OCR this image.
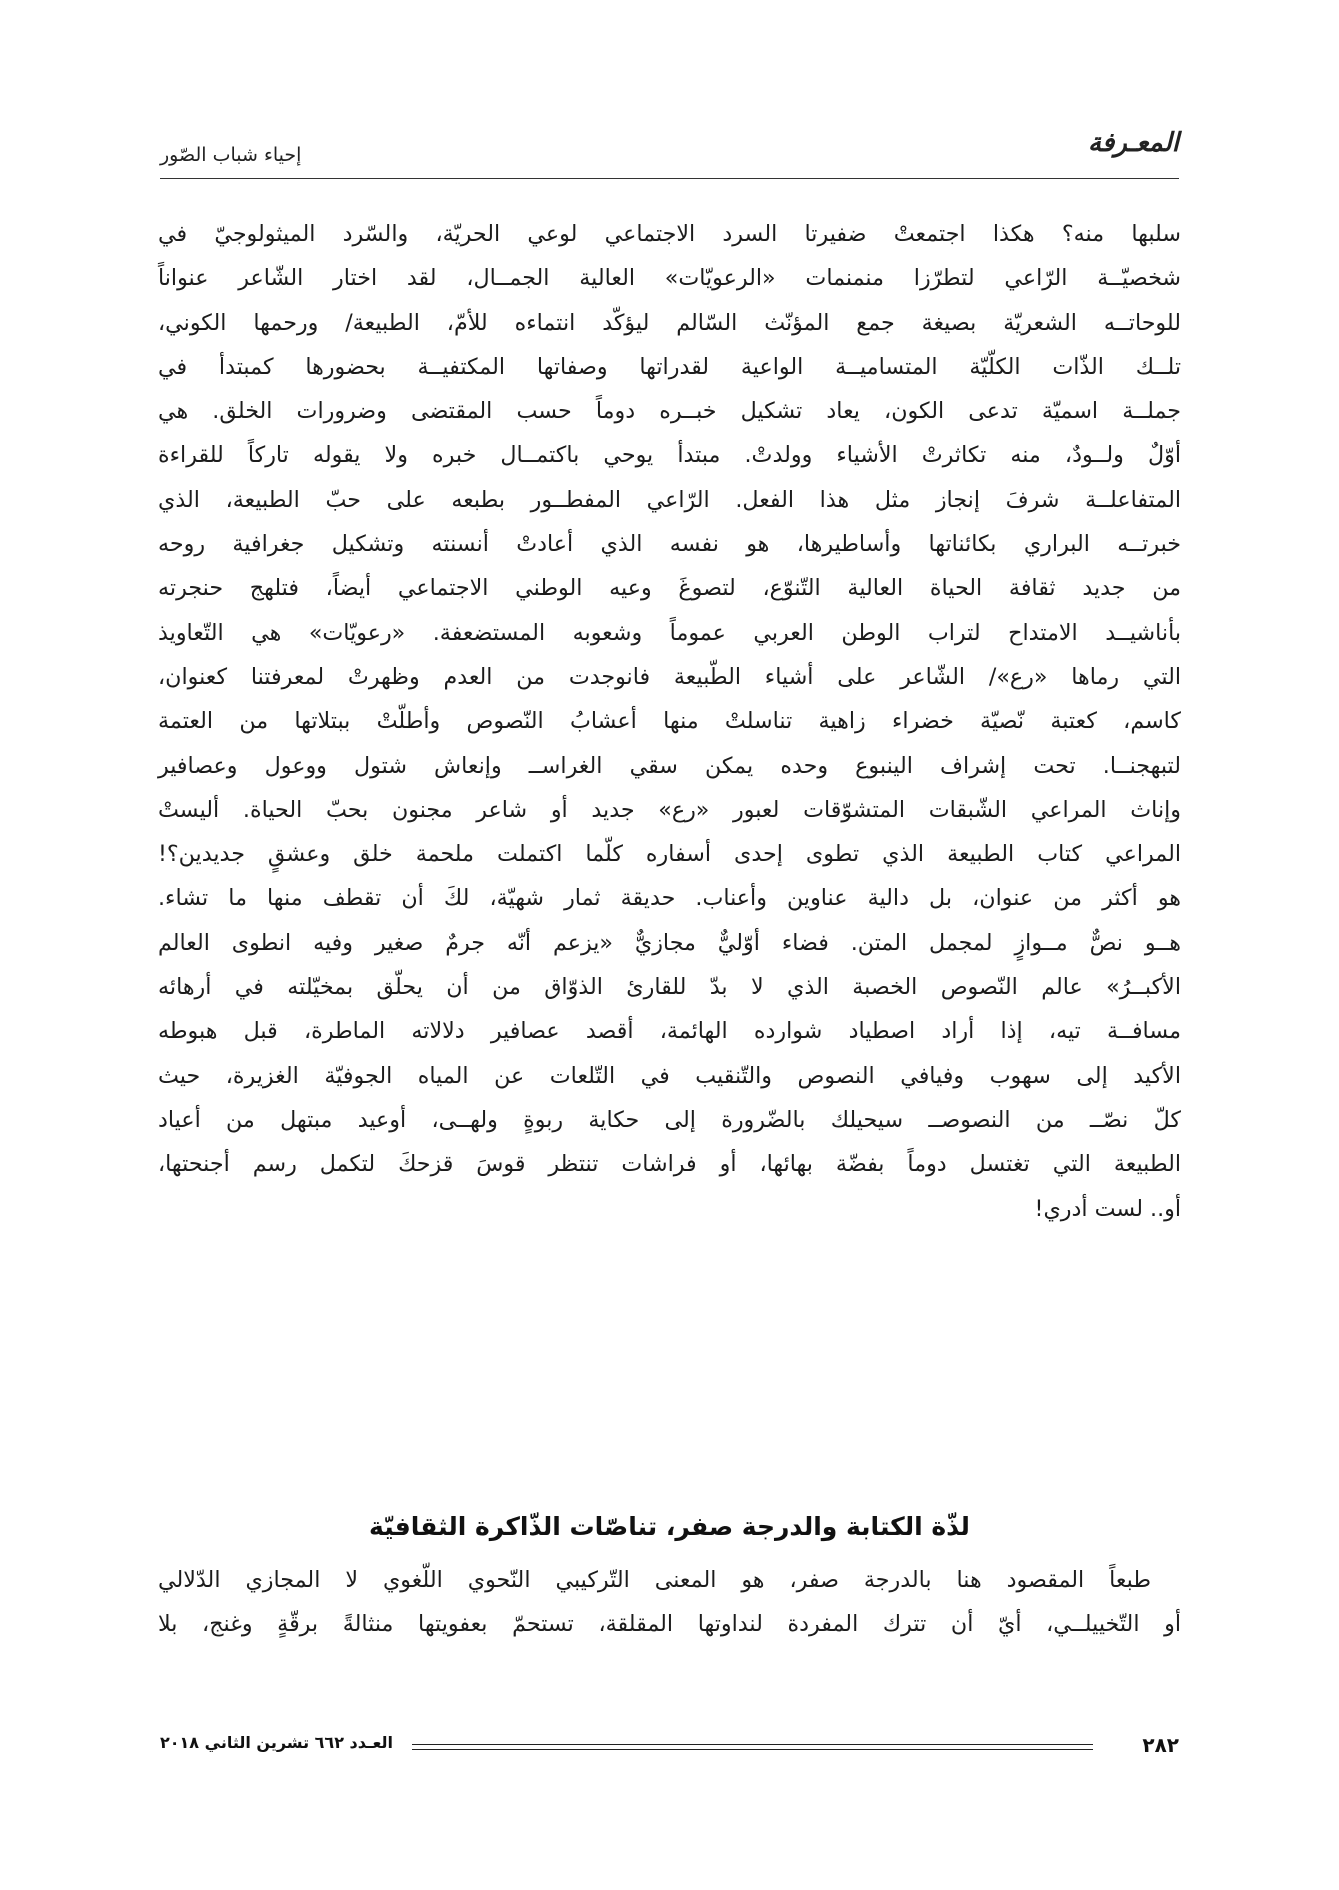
المعـرفة
إحياء شباب الصّور

سلبها منه؟ هكذا اجتمعتْ ضفيرتا السرد الاجتماعي لوعي الحريّة، والسّرد الميثولوجيّ في

شخصيّــة الرّاعي لتطرّزا منمنمات «الرعويّات» العالية الجمــال، لقد اختار الشّاعر عنواناً

للوحاتــه الشعريّة بصيغة جمع المؤنّث السّالم ليؤكّد انتماءه للأمّ، الطبيعة/ ورحمها الكوني،

تلــك الذّات الكلّيّة المتساميــة الواعية لقدراتها وصفاتها المكتفيــة بحضورها كمبتدأ في

جملــة اسميّة تدعى الكون، يعاد تشكيل خبــره دوماً حسب المقتضى وضرورات الخلق. هي

أوّلٌ ولــودٌ، منه تكاثرتْ الأشياء وولدتْ. مبتدأ يوحي باكتمــال خبره ولا يقوله تاركاً للقراءة

المتفاعلــة شرفَ إنجاز مثل هذا الفعل. الرّاعي المفطــور بطبعه على حبّ الطبيعة، الذي

خبرتــه البراري بكائناتها وأساطيرها، هو نفسه الذي أعادتْ أنسنته وتشكيل جغرافية روحه

من جديد ثقافة الحياة العالية التّنوّع، لتصوغَ وعيه الوطني الاجتماعي أيضاً، فتلهج حنجرته

بأناشيــد الامتداح لتراب الوطن العربي عموماً وشعوبه المستضعفة. «رعويّات» هي التّعاويذ

التي رماها «رع»/ الشّاعر على أشياء الطّبيعة فانوجدت من العدم وظهرتْ لمعرفتنا كعنوان،

كاسم، كعتبة نّصيّة خضراء زاهية تناسلتْ منها أعشابُ النّصوص وأطلّتْ ببتلاتها من العتمة

لتبهجنــا. تحت إشراف الينبوع وحده يمكن سقي الغراســ وإنعاش شتول ووعول وعصافير

وإناث المراعي الشّبقات المتشوّقات لعبور «رع» جديد أو شاعر مجنون بحبّ الحياة. أليستْ

المراعي كتاب الطبيعة الذي تطوى إحدى أسفاره كلّما اكتملت ملحمة خلق وعشقٍ جديدين؟!

هو أكثر من عنوان، بل دالية عناوين وأعناب. حديقة ثمار شهيّة، لكَ أن تقطف منها ما تشاء.

هــو نصٌّ مــوازٍ لمجمل المتن. فضاء أوّليٌّ مجازيٌّ «يزعم أنّه جرمٌ صغير وفيه انطوى العالم

الأكبــرُ» عالم النّصوص الخصبة الذي لا بدّ للقارئ الذوّاق من أن يحلّق بمخيّلته في أرهائه

مسافــة تيه، إذا أراد اصطياد شوارده الهائمة، أقصد عصافير دلالاته الماطرة، قبل هبوطه

الأكيد إلى سهوب وفيافي النصوص والتّنقيب في التّلعات عن المياه الجوفيّة الغزيرة، حيث

كلّ نصّــ من النصوصــ سيحيلك بالضّرورة إلى حكاية ربوةٍ ولهــى، أوعيد مبتهل من أعياد

الطبيعة التي تغتسل دوماً بفضّة بهائها، أو فراشات تنتظر قوسَ قزحكَ لتكمل رسم أجنحتها،

أو.. لست أدري!

لذّة الكتابة والدرجة صفر، تناصّات الذّاكرة الثقافيّة

طبعاً المقصود هنا بالدرجة صفر، هو المعنى التّركيبي النّحوي اللّغوي لا المجازي الدّلالي

أو التّخييلــي، أيّ أن تترك المفردة لنداوتها المقلقة، تستحمّ بعفويتها منثالةً برقّةٍ وغنج، بلا

٢٨٢
العـدد ٦٦٢ تشرين الثاني ٢٠١٨
